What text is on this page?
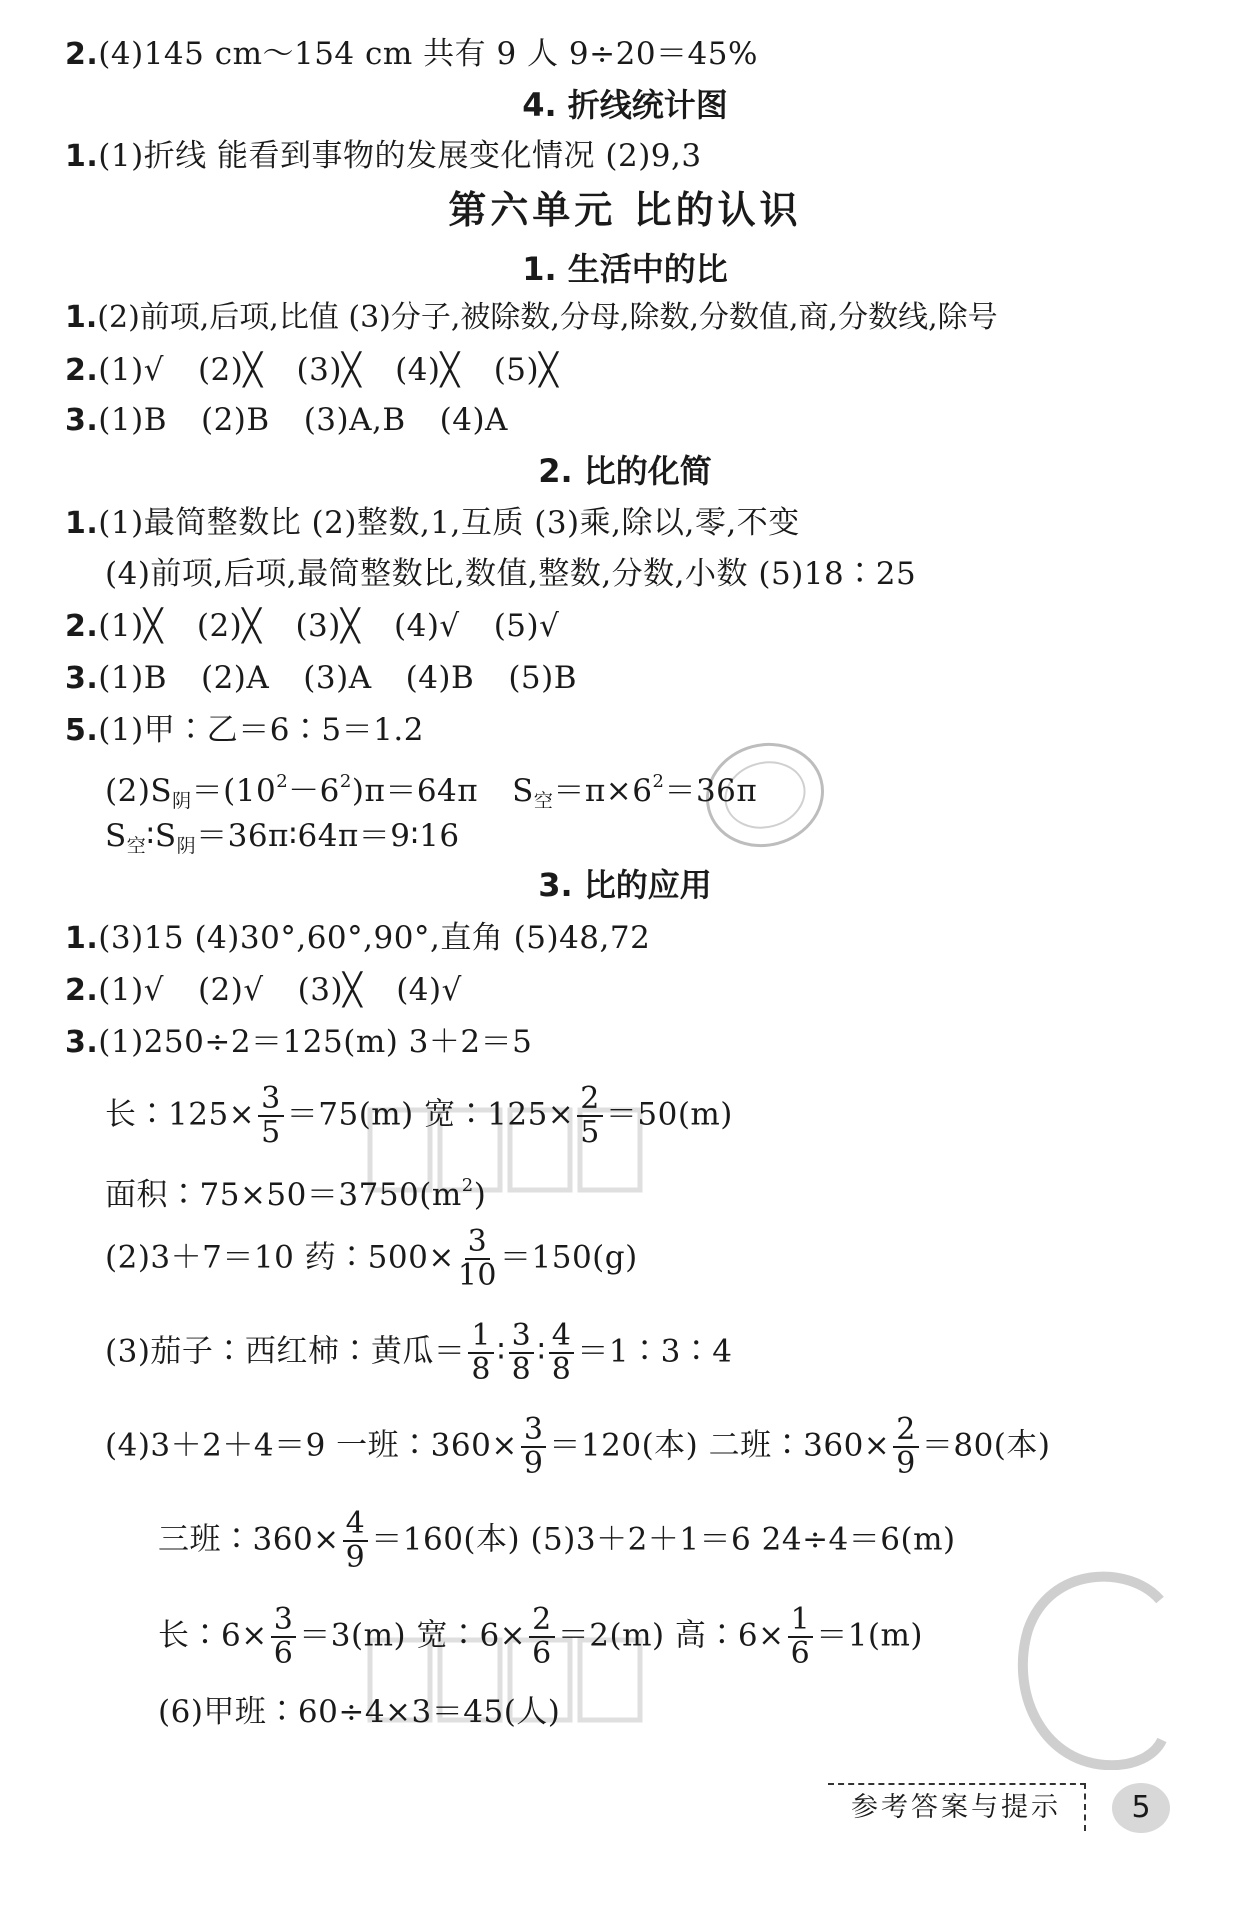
2.(4)145 cm～154 cm 共有 9 人 9÷20＝45%
4. 折线统计图
1.(1)折线 能看到事物的发展变化情况 (2)9,3
第六单元 比的认识
1. 生活中的比
1.(2)前项,后项,比值 (3)分子,被除数,分母,除数,分数值,商,分数线,除号
2.(1)√ (2)╳ (3)╳ (4)╳ (5)╳
3.(1)B (2)B (3)A,B (4)A
2. 比的化简
1.(1)最简整数比 (2)整数,1,互质 (3)乘,除以,零,不变
(4)前项,后项,最简整数比,数值,整数,分数,小数 (5)18∶25
2.(1)╳ (2)╳ (3)╳ (4)√ (5)√
3.(1)B (2)A (3)A (4)B (5)B
5.(1)甲∶乙＝6∶5＝1.2
$(2)S_阴=(10^2-6^2)\pi=64\pi$ $S_空=\pi\times 6^2=36\pi$
$S_空∶S_阴=36\pi∶64\pi=9∶16$
3. 比的应用
1.(3)15 (4)30°,60°,90°,直角 (5)48,72
2.(1)√ (2)√ (3)╳ (4)√
3.(1)250÷2＝125(m) 3＋2＝5
长∶125× $\frac{3}{5} =75(m)$ 宽∶125× $\frac{2}{5} =50(m)$
面积$∶75\times 50=3750(m^2)$
(2)3＋7＝10 药∶500× $\frac{3}{10} =150(g)$
(3)茄子∶西红柿∶黄瓜＝ $\frac{1}{8}$ ∶ $\frac{3}{8}$ ∶ $\frac{4}{8}$ ＝1∶3∶4
(4)3＋2＋4＝9 一班∶360× $\frac{3}{9} =120$(本) 二班∶360× $\frac{2}{9} =80$(本)
三班∶360× $\frac{4}{9} =160$(本) (5)3＋2＋1＝6 24÷4＝6(m)
长∶6× $\frac{3}{6} =3(m)$ 宽∶6× $\frac{2}{6} =2(m)$ 高∶6× $\frac{1}{6} =1(m)$
(6)甲班∶60÷4×3＝45(人)
参考答案与提示	5
